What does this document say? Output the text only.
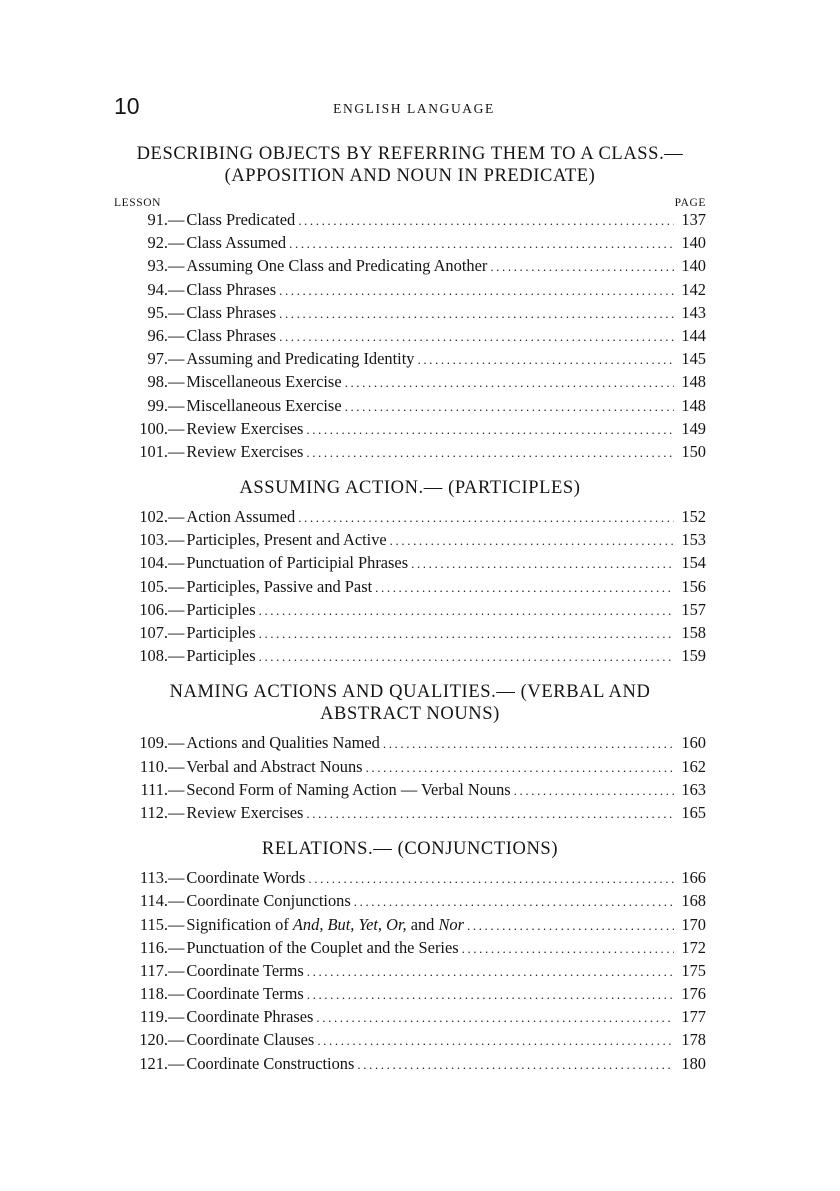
10	ENGLISH LANGUAGE
DESCRIBING OBJECTS BY REFERRING THEM TO A CLASS.—
(APPOSITION AND NOUN IN PREDICATE)
LESSON	PAGE
91. — Class Predicated .....	137
92. — Class Assumed .....	140
93. — Assuming One Class and Predicating Another .....	140
94. — Class Phrases .....	142
95. — Class Phrases .....	143
96. — Class Phrases .....	144
97. — Assuming and Predicating Identity .....	145
98. — Miscellaneous Exercise .....	148
99. — Miscellaneous Exercise .....	148
100. — Review Exercises .....	149
101. — Review Exercises .....	150
ASSUMING ACTION.— (PARTICIPLES)
102. — Action Assumed .....	152
103. — Participles, Present and Active .....	153
104. — Punctuation of Participial Phrases .....	154
105. — Participles, Passive and Past .....	156
106. — Participles .....	157
107. — Participles .....	158
108. — Participles .....	159
NAMING ACTIONS AND QUALITIES.— (VERBAL AND
ABSTRACT NOUNS)
109. — Actions and Qualities Named .....	160
110. — Verbal and Abstract Nouns .....	162
111. — Second Form of Naming Action — Verbal Nouns .....	163
112. — Review Exercises .....	165
RELATIONS.— (CONJUNCTIONS)
113. — Coordinate Words .....	166
114. — Coordinate Conjunctions .....	168
115. — Signification of And, But, Yet, Or, and Nor .....	170
116. — Punctuation of the Couplet and the Series .....	172
117. — Coordinate Terms .....	175
118. — Coordinate Terms .....	176
119. — Coordinate Phrases .....	177
120. — Coordinate Clauses .....	178
121. — Coordinate Constructions .....	180
